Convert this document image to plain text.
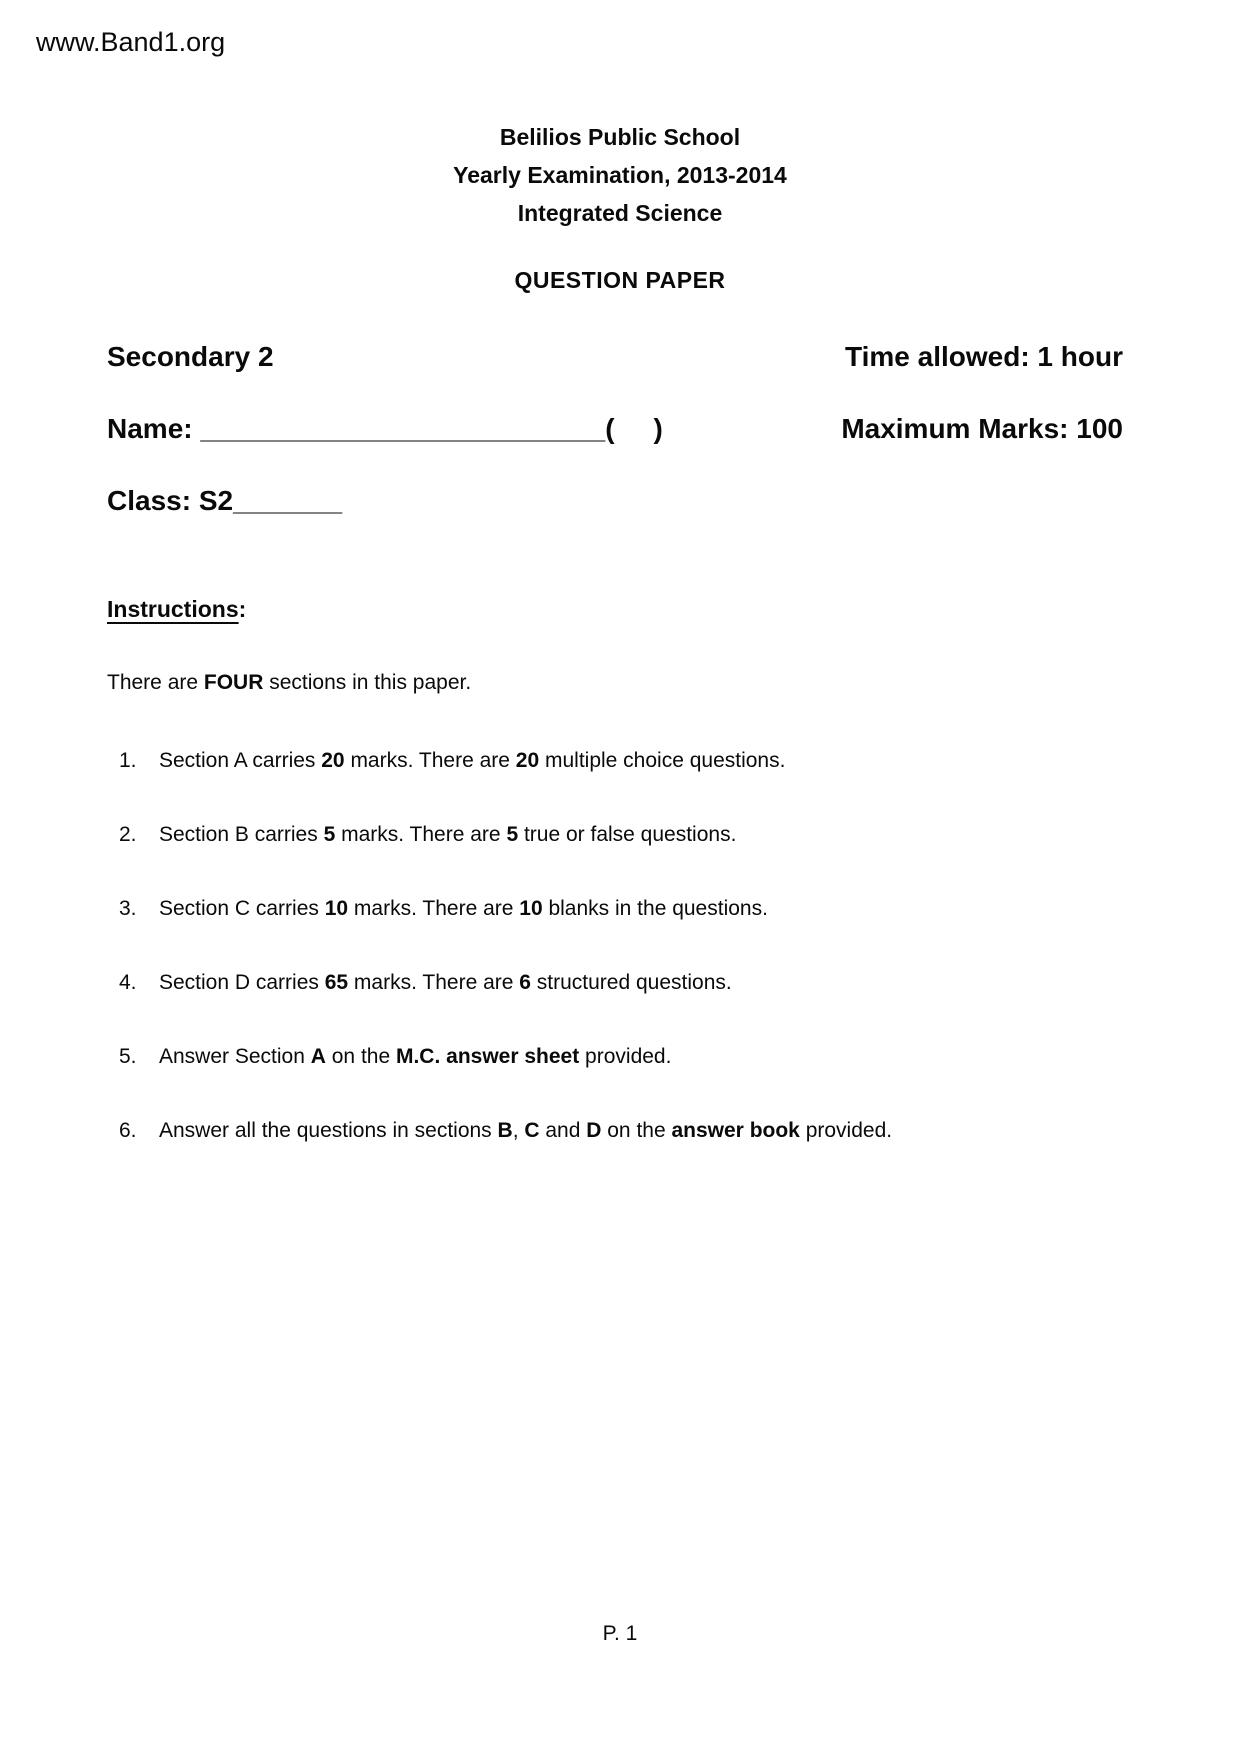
www.Band1.org
Belilios Public School
Yearly Examination, 2013-2014
Integrated Science
QUESTION PAPER
Secondary 2	Time allowed: 1 hour
Name: __________________________(     )	Maximum Marks: 100
Class: S2_______
Instructions:
There are FOUR sections in this paper.
1. Section A carries 20 marks. There are 20 multiple choice questions.
2. Section B carries 5 marks. There are 5 true or false questions.
3. Section C carries 10 marks. There are 10 blanks in the questions.
4. Section D carries 65 marks. There are 6 structured questions.
5. Answer Section A on the M.C. answer sheet provided.
6. Answer all the questions in sections B, C and D on the answer book provided.
P. 1
